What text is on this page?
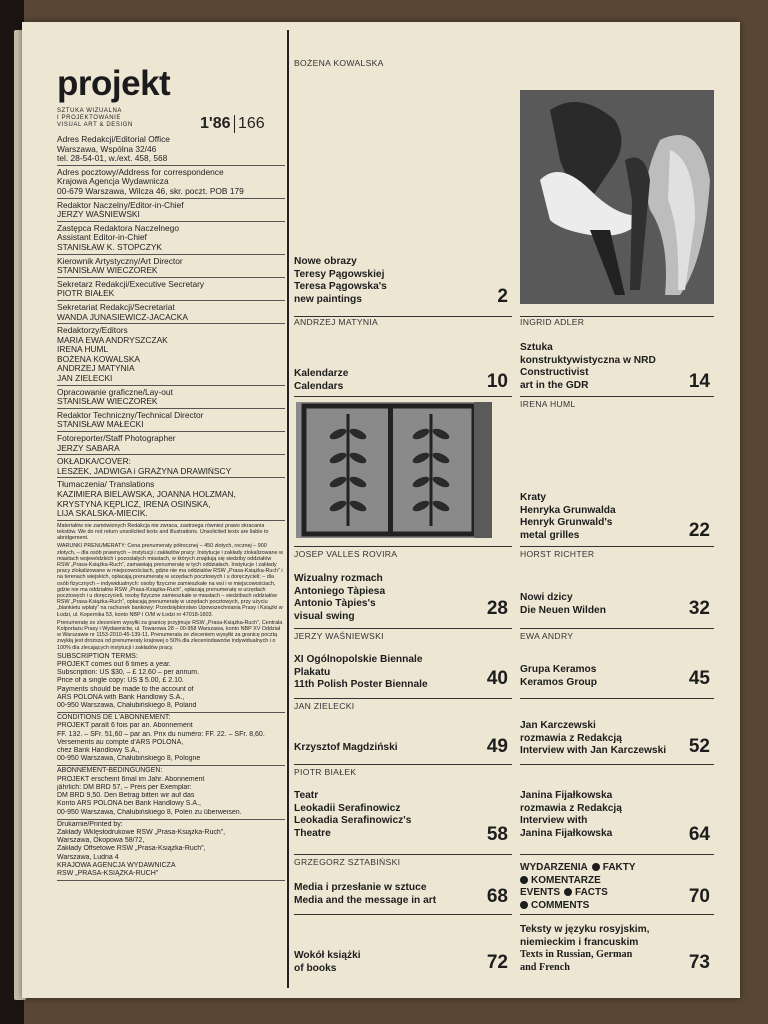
projekt
SZTUKA WIZUALNA
I PROJEKTOWANIE
VISUAL ART & DESIGN	1'86 166
Adres Redakcji/Editorial Office
Warszawa, Wspólna 32/46
tel. 28-54-01, w./ext. 458, 568
Adres pocztowy/Address for correspondence
Krajowa Agencja Wydawnicza
00-679 Warszawa, Wilcza 46, skr. poczt. POB 179
Redaktor Naczelny/Editor-in-Chief
JERZY WAŚNIEWSKI
Zastępca Redaktora Naczelnego
Assistant Editor-in-Chief
STANISŁAW K. STOPCZYK
Kierownik Artystyczny/Art Director
STANISŁAW WIECZOREK
Sekretarz Redakcji/Executive Secretary
PIOTR BIAŁEK
Sekretariat Redakcji/Secretariat
WANDA JUNASIEWICZ-JACACKA
Redaktorzy/Editors
MARIA EWA ANDRYSZCZAK
IRENA HUML
BOŻENA KOWALSKA
ANDRZEJ MATYNIA
JAN ZIELECKI
Opracowanie graficzne/Lay-out
STANISŁAW WIECZOREK
Redaktor Techniczny/Technical Director
STANISŁAW MAŁECKI
Fotoreporter/Staff Photographer
JERZY SABARA
OKŁADKA/COVER:
LESZEK, JADWIGA i GRAŻYNA DRAWIŃSCY
Tłumaczenia/ Translations
KAZIMIERA BIELAWSKA, JOANNA HOLZMAN,
KRYSTYNA KĘPLICZ, IRENA OSIŃSKA,
LIJA SKALSKA-MIECIK.

Materiałów nie zamówionych Redakcja nie zwraca, zastrzega również prawo skracania tekstów. We do not return unsolicited texts and illustrations. Unsolicited texts are liable to abridgement.

WARUNKI PRENUMERATY: Cena prenumeraty półrocznej – 450 złotych, rocznej – 900 złotych, – dla osób prawnych – instytucji i zakładów pracy: Instytucje i zakłady zlokalizowane w miastach wojewódzkich i pozostałych miastach, w których znajdują się siedziby oddziałów RSW „Prasa-Książka-Ruch”, zamawiają prenumeratę w tych oddziałach. Instytucje i zakłady pracy zlokalizowane w miejscowościach, gdzie nie ma oddziałów RSW „Prasa-Książka-Ruch” i na terenach wiejskich, opłacają prenumeratę w urzędach pocztowych i u doręczycieli; – dla osób fizycznych – indywidualnych: osoby fizyczne zamieszkałe na wsi i w miejscowościach, gdzie nie ma oddziałów RSW „Prasa-Książka-Ruch”, opłacają prenumeratę w urzędach pocztowych i u doręczycieli, osoby fizyczne zamieszkałe w miastach – siedzibach oddziałów RSW „Prasa-Książka-Ruch”, opłacają prenumeratę w urzędach pocztowych, przy użyciu „blankietu wpłaty” na rachunek bankowy: Przedsiębiorstwo Upowszechniania Prasy i Książki w Łodzi, ul. Kopernika 53, konto NBP I O/M w Łodzi nr 47018-1603.

Prenumeratę ze zleceniem wysyłki za granicę przyjmuje RSW „Prasa-Książka-Ruch”, Centrala Kolportażu Prasy i Wydawnictw, ul. Towarowa 28 – 00-958 Warszawa, konto NBP XV Oddział w Warszawie nr 1153-2010-45-139-11. Prenumerata ze zleceniem wysyłki za granicę pocztą zwykłą jest droższa od prenumeraty krajowej o 50% dla zleceniodawców indywidualnych i o 100% dla zlecających instytucji i zakładów pracy.

SUBSCRIPTION TERMS:
PROJEKT comes out 6 times a year.
Subscription: US $30, – £ 12.60 – per annum.
Price of a single copy: US $ 5.00, £ 2.10.
Payments should be made to the account of
ARS POLONA with Bank Handlowy S.A.,
00-950 Warszawa, Chałubińskiego 8, Poland
CONDITIONS DE L'ABONNEMENT:
PROJEKT paraît 6 fois par an. Abonnement
FF. 132. – SFr. 51,60 – par an. Prix du numéro: FF. 22. – SFr. 8,60.
Versements au compte d'ARS POLONA,
chez Bank Handlowy S.A.,
00-950 Warszawa, Chałubińskiego 8, Pologne
ABONNEMENT-BEDINGUNGEN:
PROJEKT erscheint 6mal im Jahr. Abonnement
jährlich: DM BRD 57, – Preis per Exemplar:
DM BRD 9,50. Den Betrag bitten wir auf das
Konto ARS POLONA bei Bank Handlowy S.A.,
00-950 Warszawa, Chałubińskiego 8, Polen zu überweisen.
Drukarnie/Printed by:
Zakłady Wklęsłodrukowe RSW „Prasa-Książka-Ruch”,
Warszawa, Okopowa 58/72,
Zakłady Offsetowe RSW „Prasa-Książka-Ruch”,
Warszawa, Ludna 4
KRAJOWA AGENCJA WYDAWNICZA
RSW „PRASA-KSIĄŻKA-RUCH”
BOŻENA KOWALSKA
Nowe obrazy
Teresy Pągowskiej
Teresa Pągowska's
new paintings	2
ANDRZEJ MATYNIA
Kalendarze
Calendars	10
INGRID ADLER
Sztuka
konstruktywistyczna w NRD
Constructivist
art in the GDR	14
IRENA HUML
Kraty
Henryka Grunwalda
Henryk Grunwald's
metal grilles	22
JOSEP VALLES ROVIRA
Wizualny rozmach
Antoniego Tàpiesa
Antonio Tàpies's
visual swing	28
HORST RICHTER
Nowi dzicy
Die Neuen Wilden	32
JERZY WAŚNIEWSKI
XI Ogólnopolskie Biennale
Plakatu
11th Polish Poster Biennale	40
EWA ANDRY
Grupa Keramos
Keramos Group	45
JAN ZIELECKI
Krzysztof Magdziński	49
Jan Karczewski
rozmawia z Redakcją
Interview with Jan Karczewski 52
PIOTR BIAŁEK
Teatr
Leokadii Serafinowicz
Leokadia Serafinowicz's
Theatre	58
Janina Fijałkowska
rozmawia z Redakcją
Interview with
Janina Fijałkowska	64
GRZEGORZ SZTABIŃSKI
Media i przesłanie w sztuce
Media and the message in art	68
WYDARZENIA FAKTY
KOMENTARZE
EVENTS FACTS
COMMENTS	70
Wokół książki
of books	72
Teksty w języku rosyjskim,
niemieckim i francuskim
Texts in Russian, German
and French	73
